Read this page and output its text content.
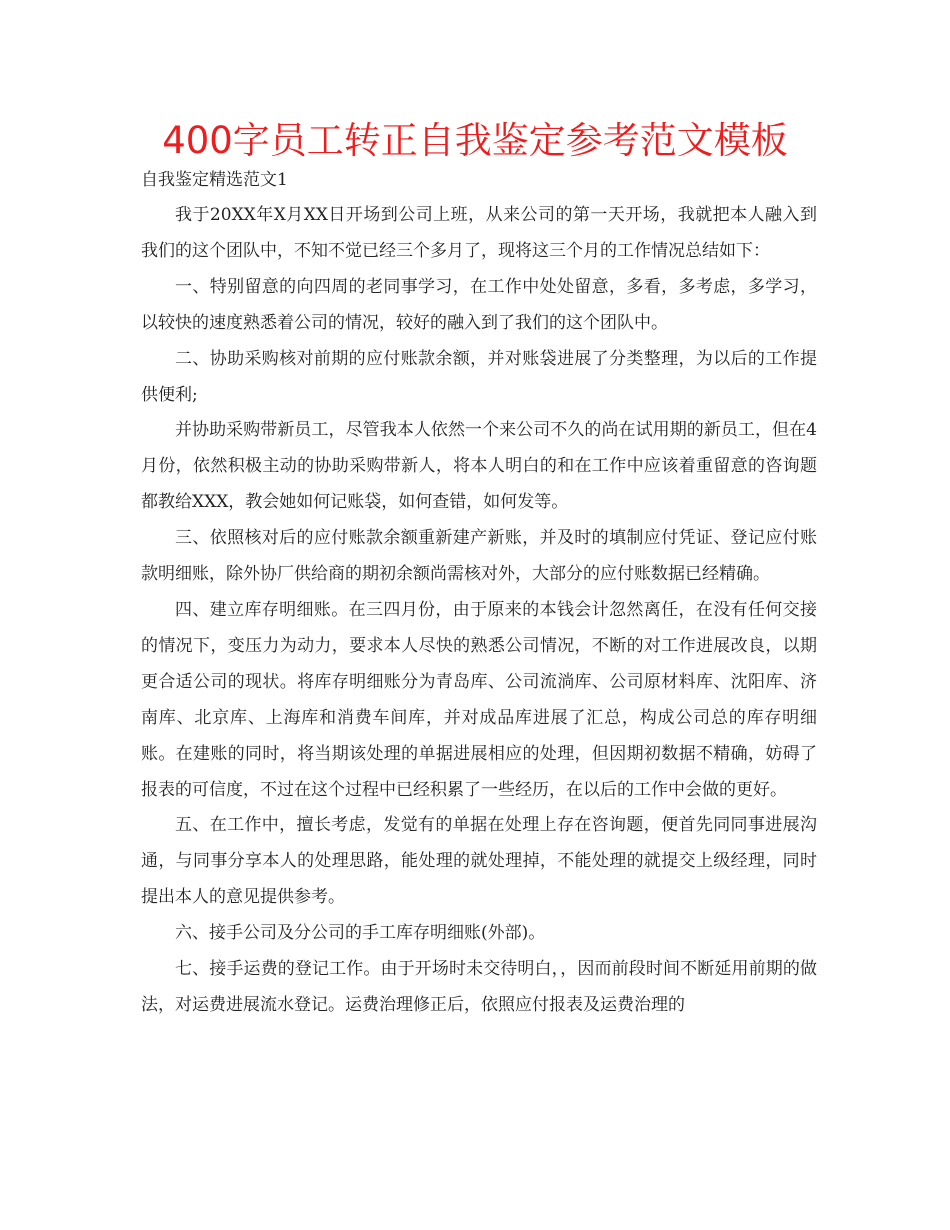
400字员工转正自我鉴定参考范文模板
自我鉴定精选范文1

我于20XX年X月XX日开场到公司上班，从来公司的第一天开场，我就把本人融入到我们的这个团队中，不知不觉已经三个多月了，现将这三个月的工作情况总结如下：

一、特别留意的向四周的老同事学习，在工作中处处留意，多看，多考虑，多学习，以较快的速度熟悉着公司的情况，较好的融入到了我们的这个团队中。

二、协助采购核对前期的应付账款余额，并对账袋进展了分类整理，为以后的工作提供便利;

并协助采购带新员工，尽管我本人依然一个来公司不久的尚在试用期的新员工，但在4月份，依然积极主动的协助采购带新人，将本人明白的和在工作中应该着重留意的咨询题都教给XXX，教会她如何记账袋，如何查错，如何发等。

三、依照核对后的应付账款余额重新建产新账，并及时的填制应付凭证、登记应付账款明细账，除外协厂供给商的期初余额尚需核对外，大部分的应付账数据已经精确。

四、建立库存明细账。在三四月份，由于原来的本钱会计忽然离任，在没有任何交接的情况下，变压力为动力，要求本人尽快的熟悉公司情况，不断的对工作进展改良，以期更合适公司的现状。将库存明细账分为青岛库、公司流淌库、公司原材料库、沈阳库、济南库、北京库、上海库和消费车间库，并对成品库进展了汇总，构成公司总的库存明细账。在建账的同时，将当期该处理的单据进展相应的处理，但因期初数据不精确，妨碍了报表的可信度，不过在这个过程中已经积累了一些经历，在以后的工作中会做的更好。

五、在工作中，擅长考虑，发觉有的单据在处理上存在咨询题，便首先同同事进展沟通，与同事分享本人的处理思路，能处理的就处理掉，不能处理的就提交上级经理，同时提出本人的意见提供参考。

六、接手公司及分公司的手工库存明细账(外部)。

七、接手运费的登记工作。由于开场时未交待明白，，因而前段时间不断延用前期的做法，对运费进展流水登记。运费治理修正后，依照应付报表及运费治理的
